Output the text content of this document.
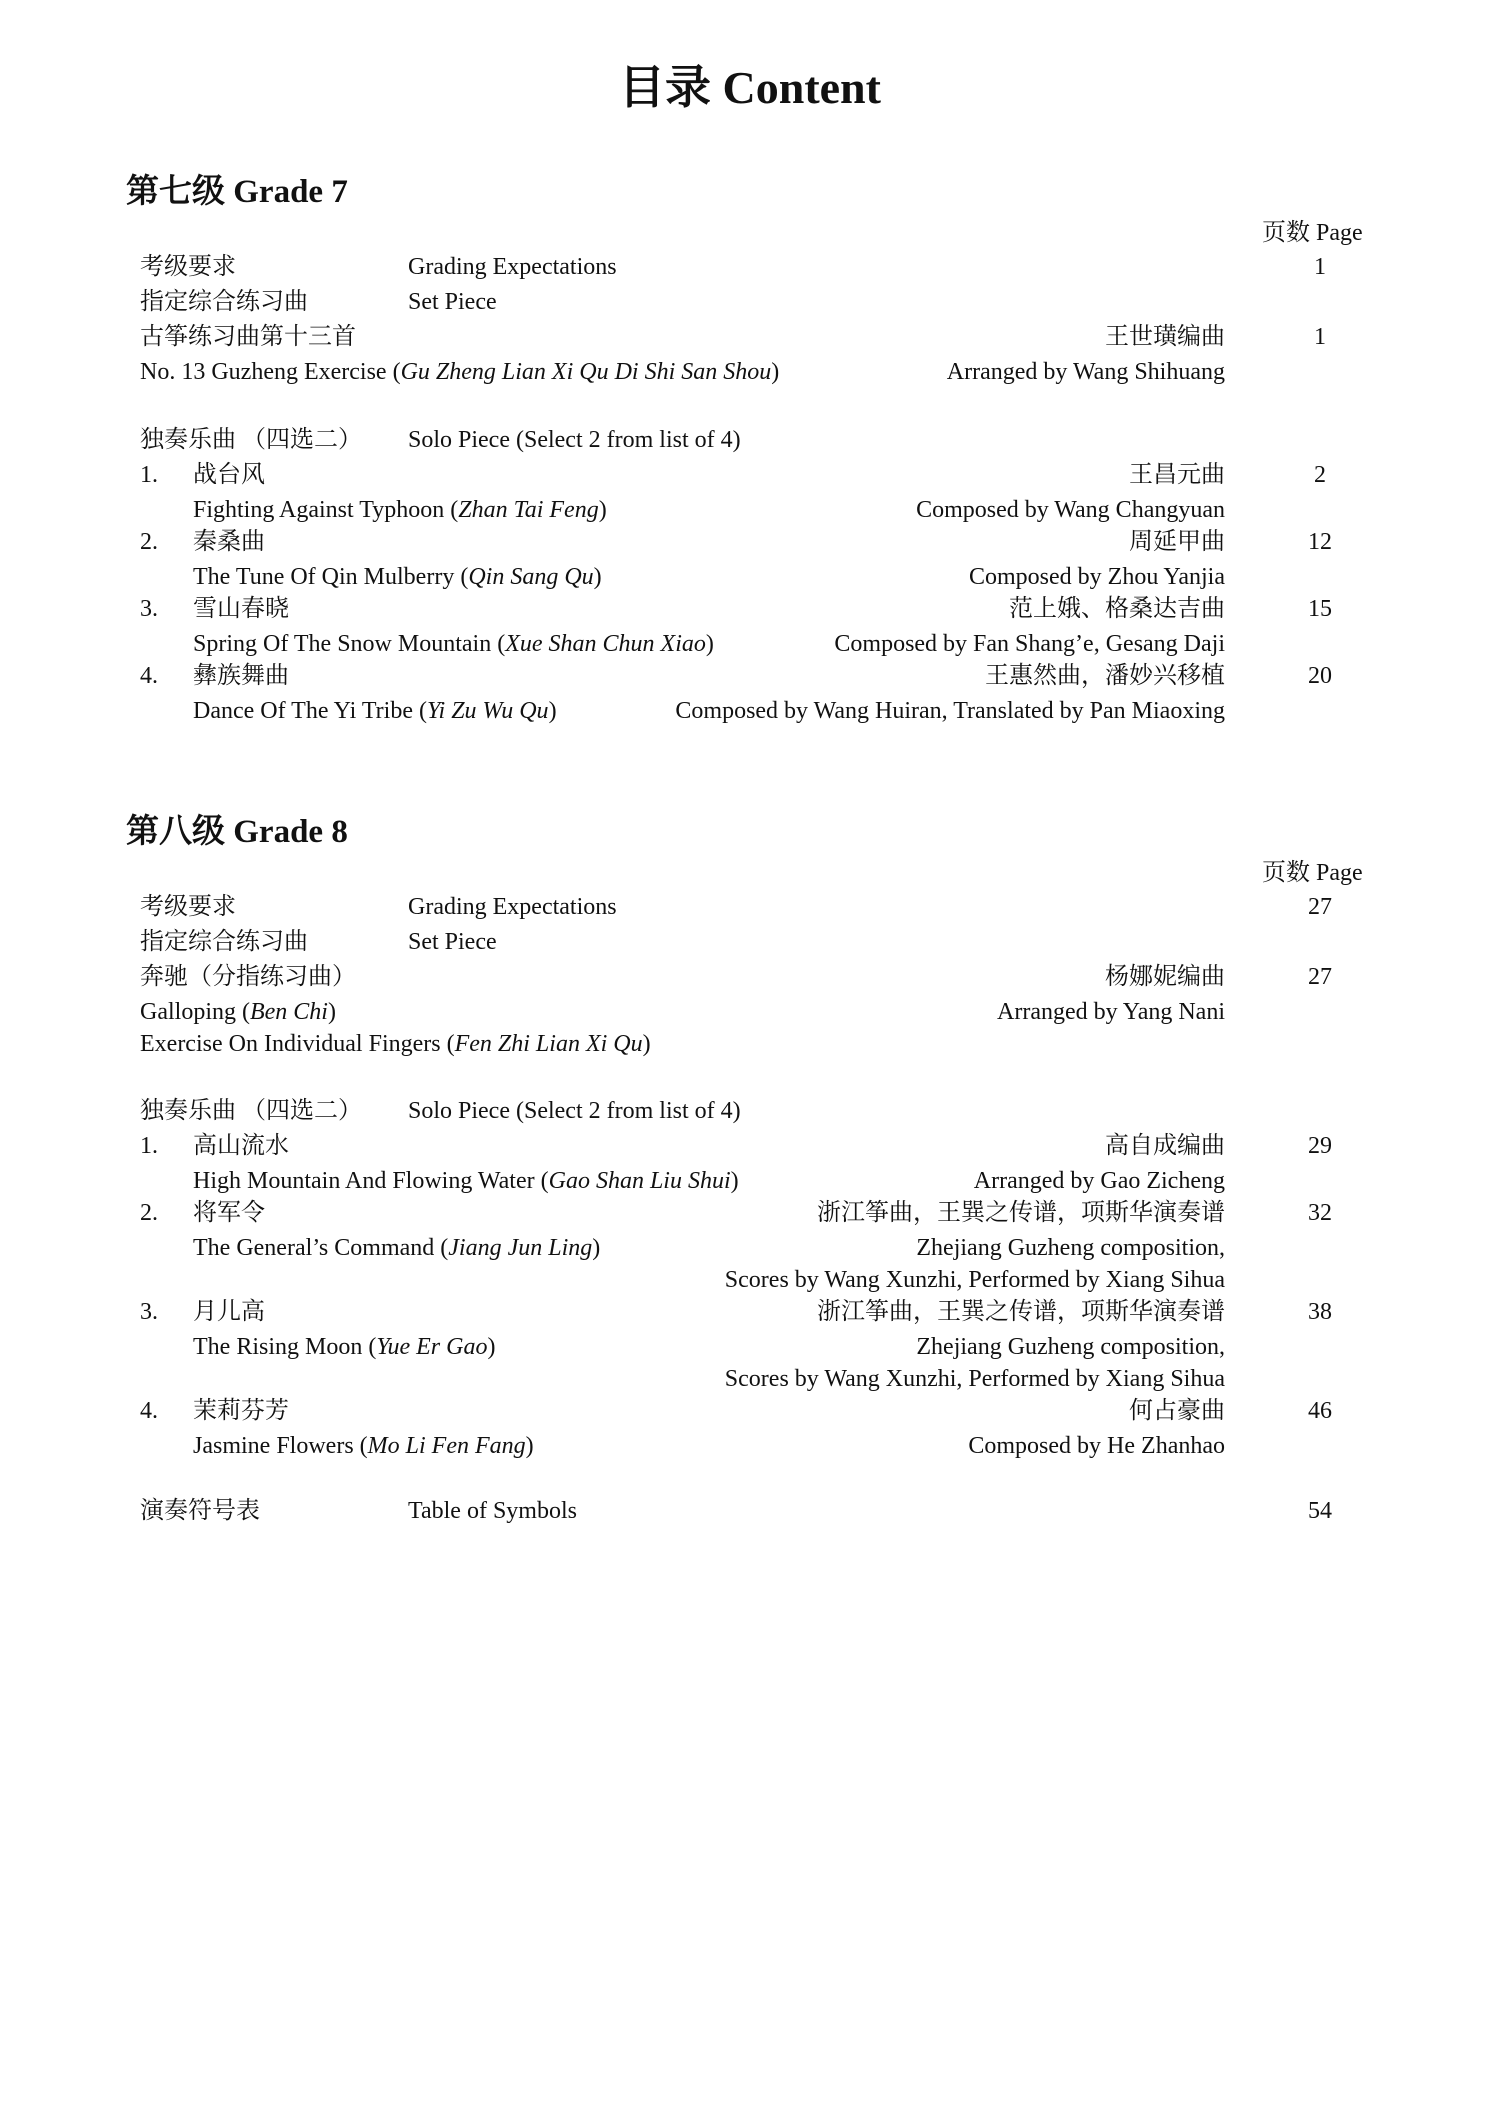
目录 Content
第七级 Grade 7
页数 Page
考级要求	Grading Expectations	1
指定综合练习曲	Set Piece
古筝练习曲第十三首	王世璜编曲	1
No. 13 Guzheng Exercise (Gu Zheng Lian Xi Qu Di Shi San Shou)	Arranged by Wang Shihuang
独奏乐曲 （四选二） Solo Piece (Select 2 from list of 4)
1. 战台风	王昌元曲	2
Fighting Against Typhoon (Zhan Tai Feng)	Composed by Wang Changyuan
2. 秦桑曲	周延甲曲	12
The Tune Of Qin Mulberry (Qin Sang Qu)	Composed by Zhou Yanjia
3. 雪山春晓	范上娥、格桑达吉曲	15
Spring Of The Snow Mountain (Xue Shan Chun Xiao)	Composed by Fan Shang’e, Gesang Daji
4. 彝族舞曲	王惠然曲，潘妙兴移植	20
Dance Of The Yi Tribe (Yi Zu Wu Qu)	Composed by Wang Huiran, Translated by Pan Miaoxing
第八级 Grade 8
页数 Page
考级要求	Grading Expectations	27
指定综合练习曲	Set Piece
奔驰（分指练习曲）	杨娜妮编曲	27
Galloping (Ben Chi)	Arranged by Yang Nani
Exercise On Individual Fingers (Fen Zhi Lian Xi Qu)
独奏乐曲 （四选二） Solo Piece (Select 2 from list of 4)
1. 高山流水	高自成编曲	29
High Mountain And Flowing Water (Gao Shan Liu Shui)	Arranged by Gao Zicheng
2. 将军令	浙江筝曲，王巽之传谱，项斯华演奏谱	32
The General’s Command (Jiang Jun Ling)	Zhejiang Guzheng composition,
Scores by Wang Xunzhi, Performed by Xiang Sihua
3. 月儿高	浙江筝曲，王巽之传谱，项斯华演奏谱	38
The Rising Moon (Yue Er Gao)	Zhejiang Guzheng composition,
Scores by Wang Xunzhi, Performed by Xiang Sihua
4. 茉莉芬芳	何占豪曲	46
Jasmine Flowers (Mo Li Fen Fang)	Composed by He Zhanhao
演奏符号表	Table of Symbols	54
